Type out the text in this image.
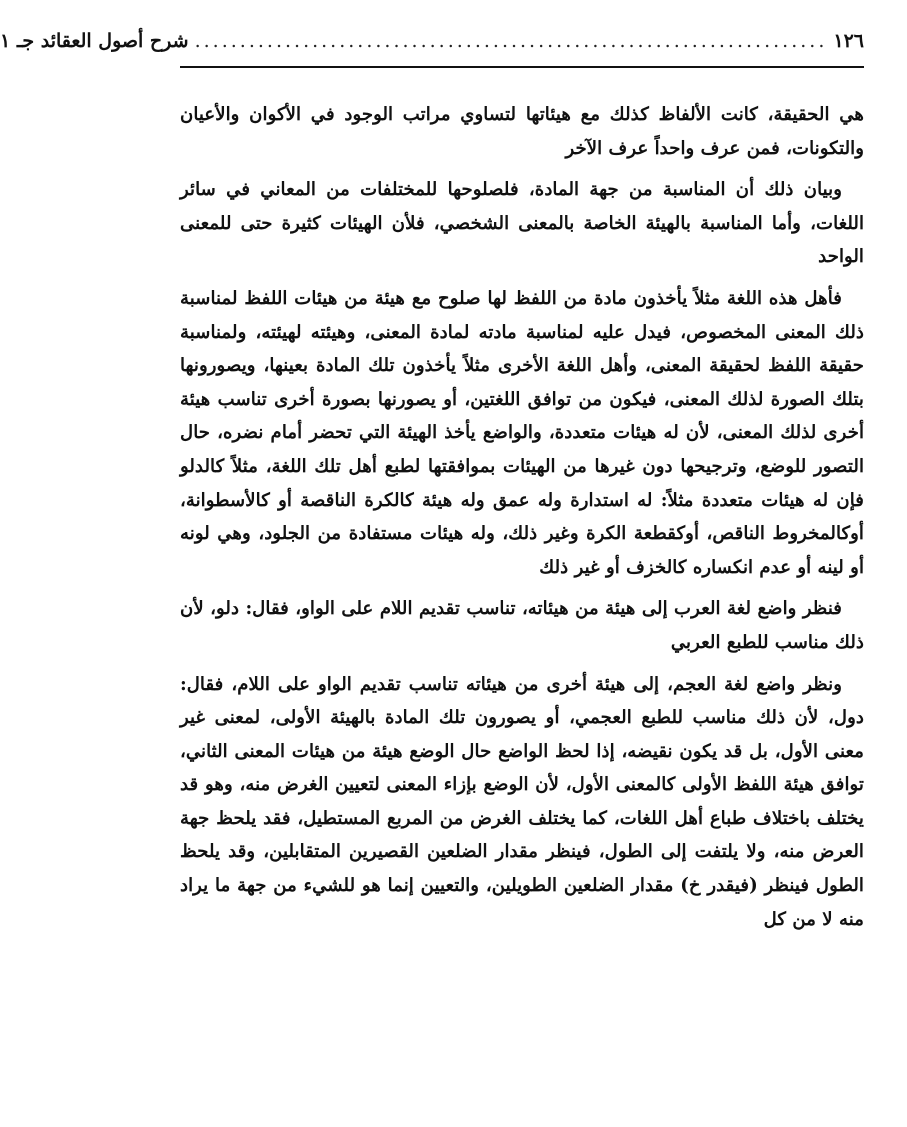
١٢٦
......................................................................
شرح أصول العقائد جـ ١

هي الحقيقة، كانت الألفاظ كذلك مع هيئاتها لتساوي مراتب الوجود في الأكوان والأعيان والتكونات، فمن عرف واحداً عرف الآخر

وبيان ذلك أن المناسبة من جهة المادة، فلصلوحها للمختلفات من المعاني في سائر اللغات، وأما المناسبة بالهيئة الخاصة بالمعنى الشخصي، فلأن الهيئات كثيرة حتى للمعنى الواحد

فأهل هذه اللغة مثلاً يأخذون مادة من اللفظ لها صلوح مع هيئة من هيئات اللفظ لمناسبة ذلك المعنى المخصوص، فيدل عليه لمناسبة مادته لمادة المعنى، وهيئته لهيئته، ولمناسبة حقيقة اللفظ لحقيقة المعنى، وأهل اللغة الأخرى مثلاً يأخذون تلك المادة بعينها، ويصورونها بتلك الصورة لذلك المعنى، فيكون من توافق اللغتين، أو يصورنها بصورة أخرى تناسب هيئة أخرى لذلك المعنى، لأن له هيئات متعددة، والواضع يأخذ الهيئة التي تحضر أمام نضره، حال التصور للوضع، وترجيحها دون غيرها من الهيئات بموافقتها لطبع أهل تلك اللغة، مثلاً كالدلو فإن له هيئات متعددة مثلاً: له استدارة وله عمق وله هيئة كالكرة الناقصة أو كالأسطوانة، أوكالمخروط الناقص، أوكقطعة الكرة وغير ذلك، وله هيئات مستفادة من الجلود، وهي لونه أو لينه أو عدم انكساره كالخزف أو غير ذلك

فنظر واضع لغة العرب إلى هيئة من هيئاته، تناسب تقديم اللام على الواو، فقال: دلو، لأن ذلك مناسب للطبع العربي

ونظر واضع لغة العجم، إلى هيئة أخرى من هيئاته تناسب تقديم الواو على اللام، فقال: دول، لأن ذلك مناسب للطبع العجمي، أو يصورون تلك المادة بالهيئة الأولى، لمعنى غير معنى الأول، بل قد يكون نقيضه، إذا لحظ الواضع حال الوضع هيئة من هيئات المعنى الثاني، توافق هيئة اللفظ الأولى كالمعنى الأول، لأن الوضع بإزاء المعنى لتعيين الغرض منه، وهو قد يختلف باختلاف طباع أهل اللغات، كما يختلف الغرض من المربع المستطيل، فقد يلحظ جهة العرض منه، ولا يلتفت إلى الطول، فينظر مقدار الضلعين القصيرين المتقابلين، وقد يلحظ الطول فينظر (فيقدر خ) مقدار الضلعين الطويلين، والتعيين إنما هو للشيء من جهة ما يراد منه لا من كل
